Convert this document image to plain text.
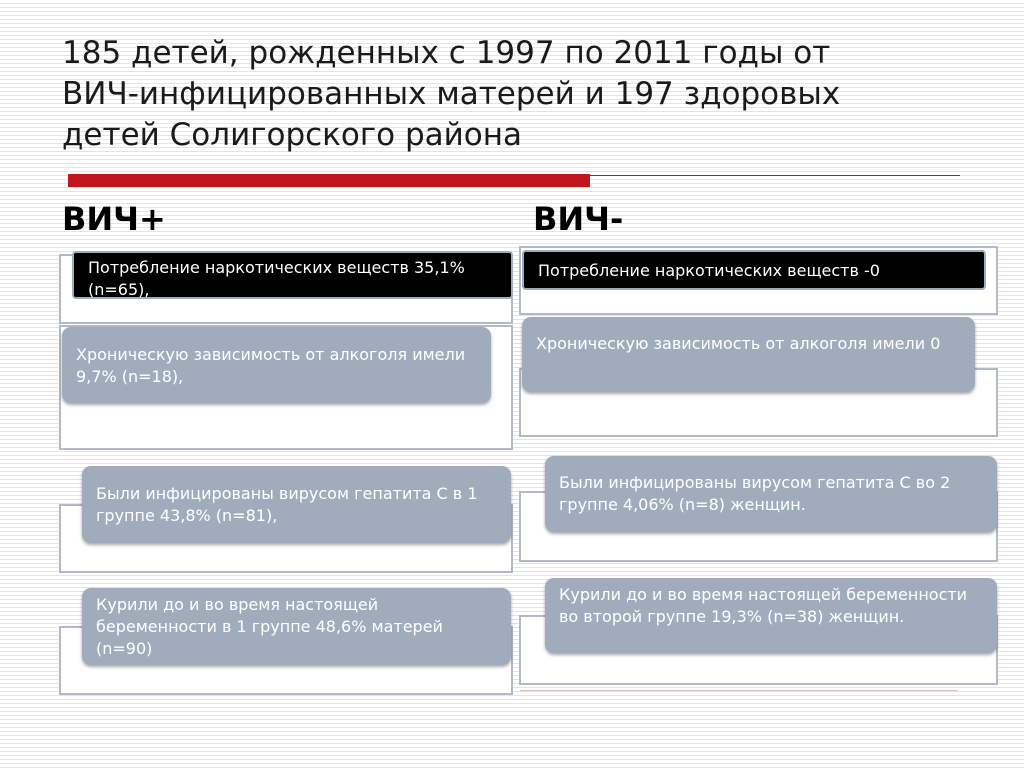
185 детей, рожденных с 1997 по 2011 годы от
ВИЧ-инфицированных матерей и 197 здоровых
детей Солигорского района
ВИЧ+	ВИЧ-
Потребление наркотических веществ 35,1% (n=65),
Хроническую зависимость от алкоголя имели 9,7% (n=18),
Были инфицированы вирусом гепатита С в 1 группе 43,8% (n=81),
Курили до и во время настоящей беременности в 1 группе 48,6% матерей (n=90)
Потребление наркотических веществ -0
Хроническую зависимость от алкоголя имели 0
Были инфицированы вирусом гепатита С во 2 группе 4,06% (n=8) женщин.
Курили до и во время настоящей беременности во второй группе 19,3% (n=38) женщин.
